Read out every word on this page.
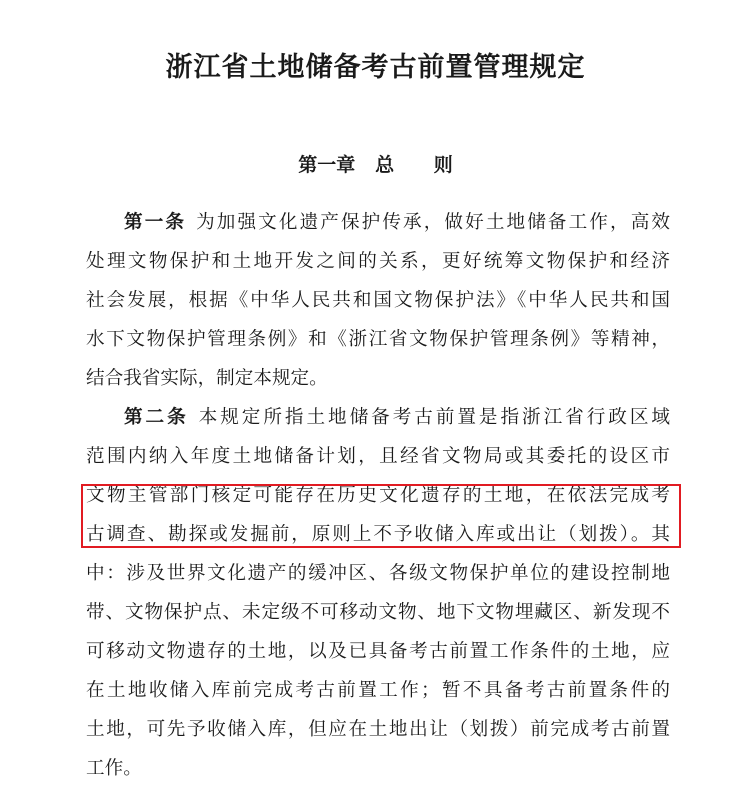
浙江省土地储备考古前置管理规定
第一章 总 则
第一条 为加强文化遗产保护传承，做好土地储备工作，高效
处理文物保护和土地开发之间的关系，更好统筹文物保护和经济
社会发展，根据《中华人民共和国文物保护法》《中华人民共和国
水下文物保护管理条例》和《浙江省文物保护管理条例》等精神，
结合我省实际，制定本规定。
第二条 本规定所指土地储备考古前置是指浙江省行政区域
范围内纳入年度土地储备计划，且经省文物局或其委托的设区市
文物主管部门核定可能存在历史文化遗存的土地，在依法完成考
古调查、勘探或发掘前，原则上不予收储入库或出让（划拨）。其
中：涉及世界文化遗产的缓冲区、各级文物保护单位的建设控制地
带、文物保护点、未定级不可移动文物、地下文物埋藏区、新发现不
可移动文物遗存的土地，以及已具备考古前置工作条件的土地，应
在土地收储入库前完成考古前置工作；暂不具备考古前置条件的
土地，可先予收储入库，但应在土地出让（划拨）前完成考古前置
工作。
